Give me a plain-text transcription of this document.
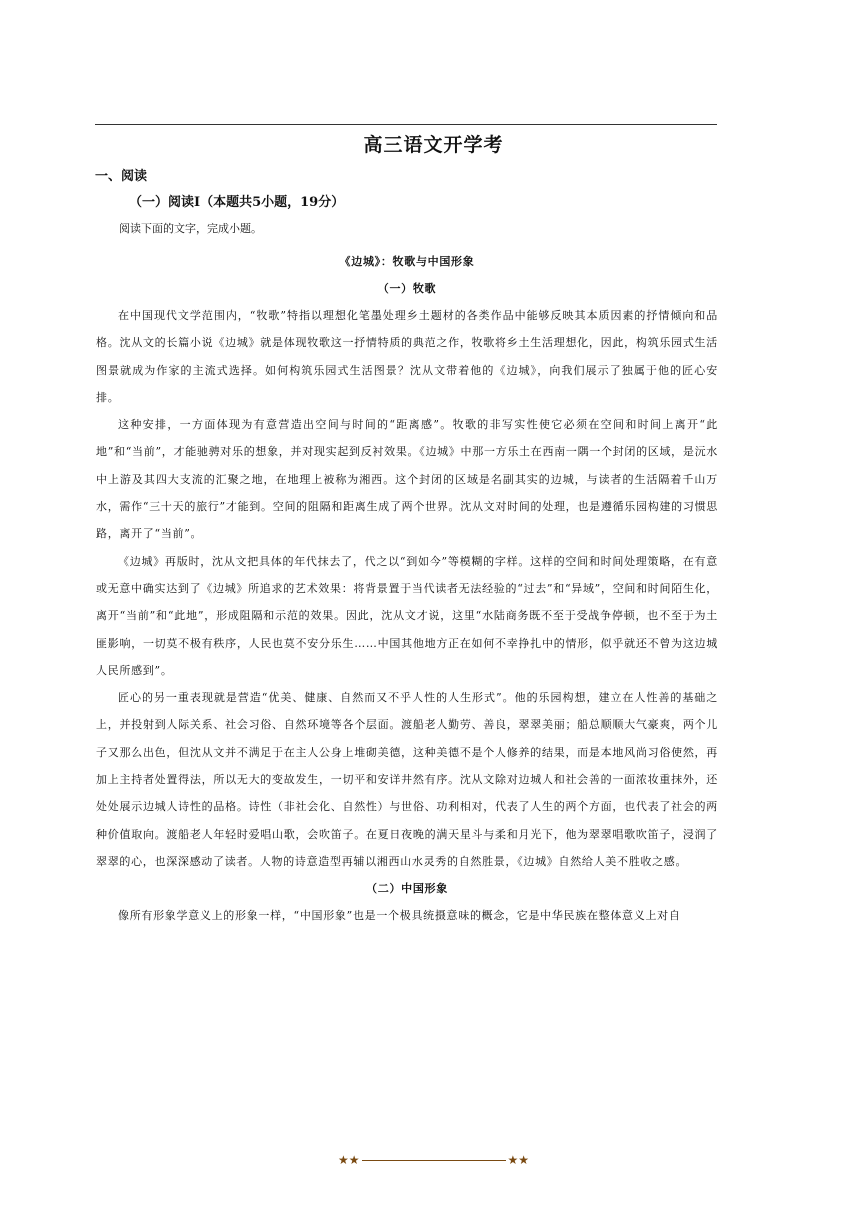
高三语文开学考
一、阅读
（一）阅读Ⅰ（本题共5小题，19分）
阅读下面的文字，完成小题。

《边城》：牧歌与中国形象

（一）牧歌

在中国现代文学范围内，“牧歌”特指以理想化笔墨处理乡土题材的各类作品中能够反映其本质因素的抒情倾向和品格。沈从文的长篇小说《边城》就是体现牧歌这一抒情特质的典范之作，牧歌将乡土生活理想化，因此，构筑乐园式生活图景就成为作家的主流式选择。如何构筑乐园式生活图景？沈从文带着他的《边城》，向我们展示了独属于他的匠心安排。

这种安排，一方面体现为有意营造出空间与时间的“距离感”。牧歌的非写实性使它必须在空间和时间上离开“此地”和“当前”，才能驰骋对乐的想象，并对现实起到反衬效果。《边城》中那一方乐土在西南一隅一个封闭的区域，是沅水中上游及其四大支流的汇聚之地，在地理上被称为湘西。这个封闭的区域是名副其实的边城，与读者的生活隔着千山万水，需作“三十天的旅行”才能到。空间的阻隔和距离生成了两个世界。沈从文对时间的处理，也是遵循乐园构建的习惯思路，离开了“当前”。

《边城》再版时，沈从文把具体的年代抹去了，代之以“到如今”等模糊的字样。这样的空间和时间处理策略，在有意或无意中确实达到了《边城》所追求的艺术效果：将背景置于当代读者无法经验的“过去”和“异域”，空间和时间陌生化，离开“当前”和“此地”，形成阻隔和示范的效果。因此，沈从文才说，这里“水陆商务既不至于受战争停顿，也不至于为土匪影响，一切莫不极有秩序，人民也莫不安分乐生……中国其他地方正在如何不幸挣扎中的情形，似乎就还不曾为这边城人民所感到”。

匠心的另一重表现就是营造“优美、健康、自然而又不乎人性的人生形式”。他的乐园构想，建立在人性善的基础之上，并投射到人际关系、社会习俗、自然环境等各个层面。渡船老人勤劳、善良，翠翠美丽；船总顺顺大气豪爽，两个儿子又那么出色，但沈从文并不满足于在主人公身上堆砌美德，这种美德不是个人修养的结果，而是本地风尚习俗使然，再加上主持者处置得法，所以无大的变故发生，一切平和安详井然有序。沈从文除对边城人和社会善的一面浓妆重抹外，还处处展示边城人诗性的品格。诗性（非社会化、自然性）与世俗、功利相对，代表了人生的两个方面，也代表了社会的两种价值取向。渡船老人年轻时爱唱山歌，会吹笛子。在夏日夜晚的满天星斗与柔和月光下，他为翠翠唱歌吹笛子，浸润了翠翠的心，也深深感动了读者。人物的诗意造型再辅以湘西山水灵秀的自然胜景，《边城》自然给人美不胜收之感。

（二）中国形象

像所有形象学意义上的形象一样，“中国形象”也是一个极具统摄意味的概念，它是中华民族在整体意义上对自

★★	★★
